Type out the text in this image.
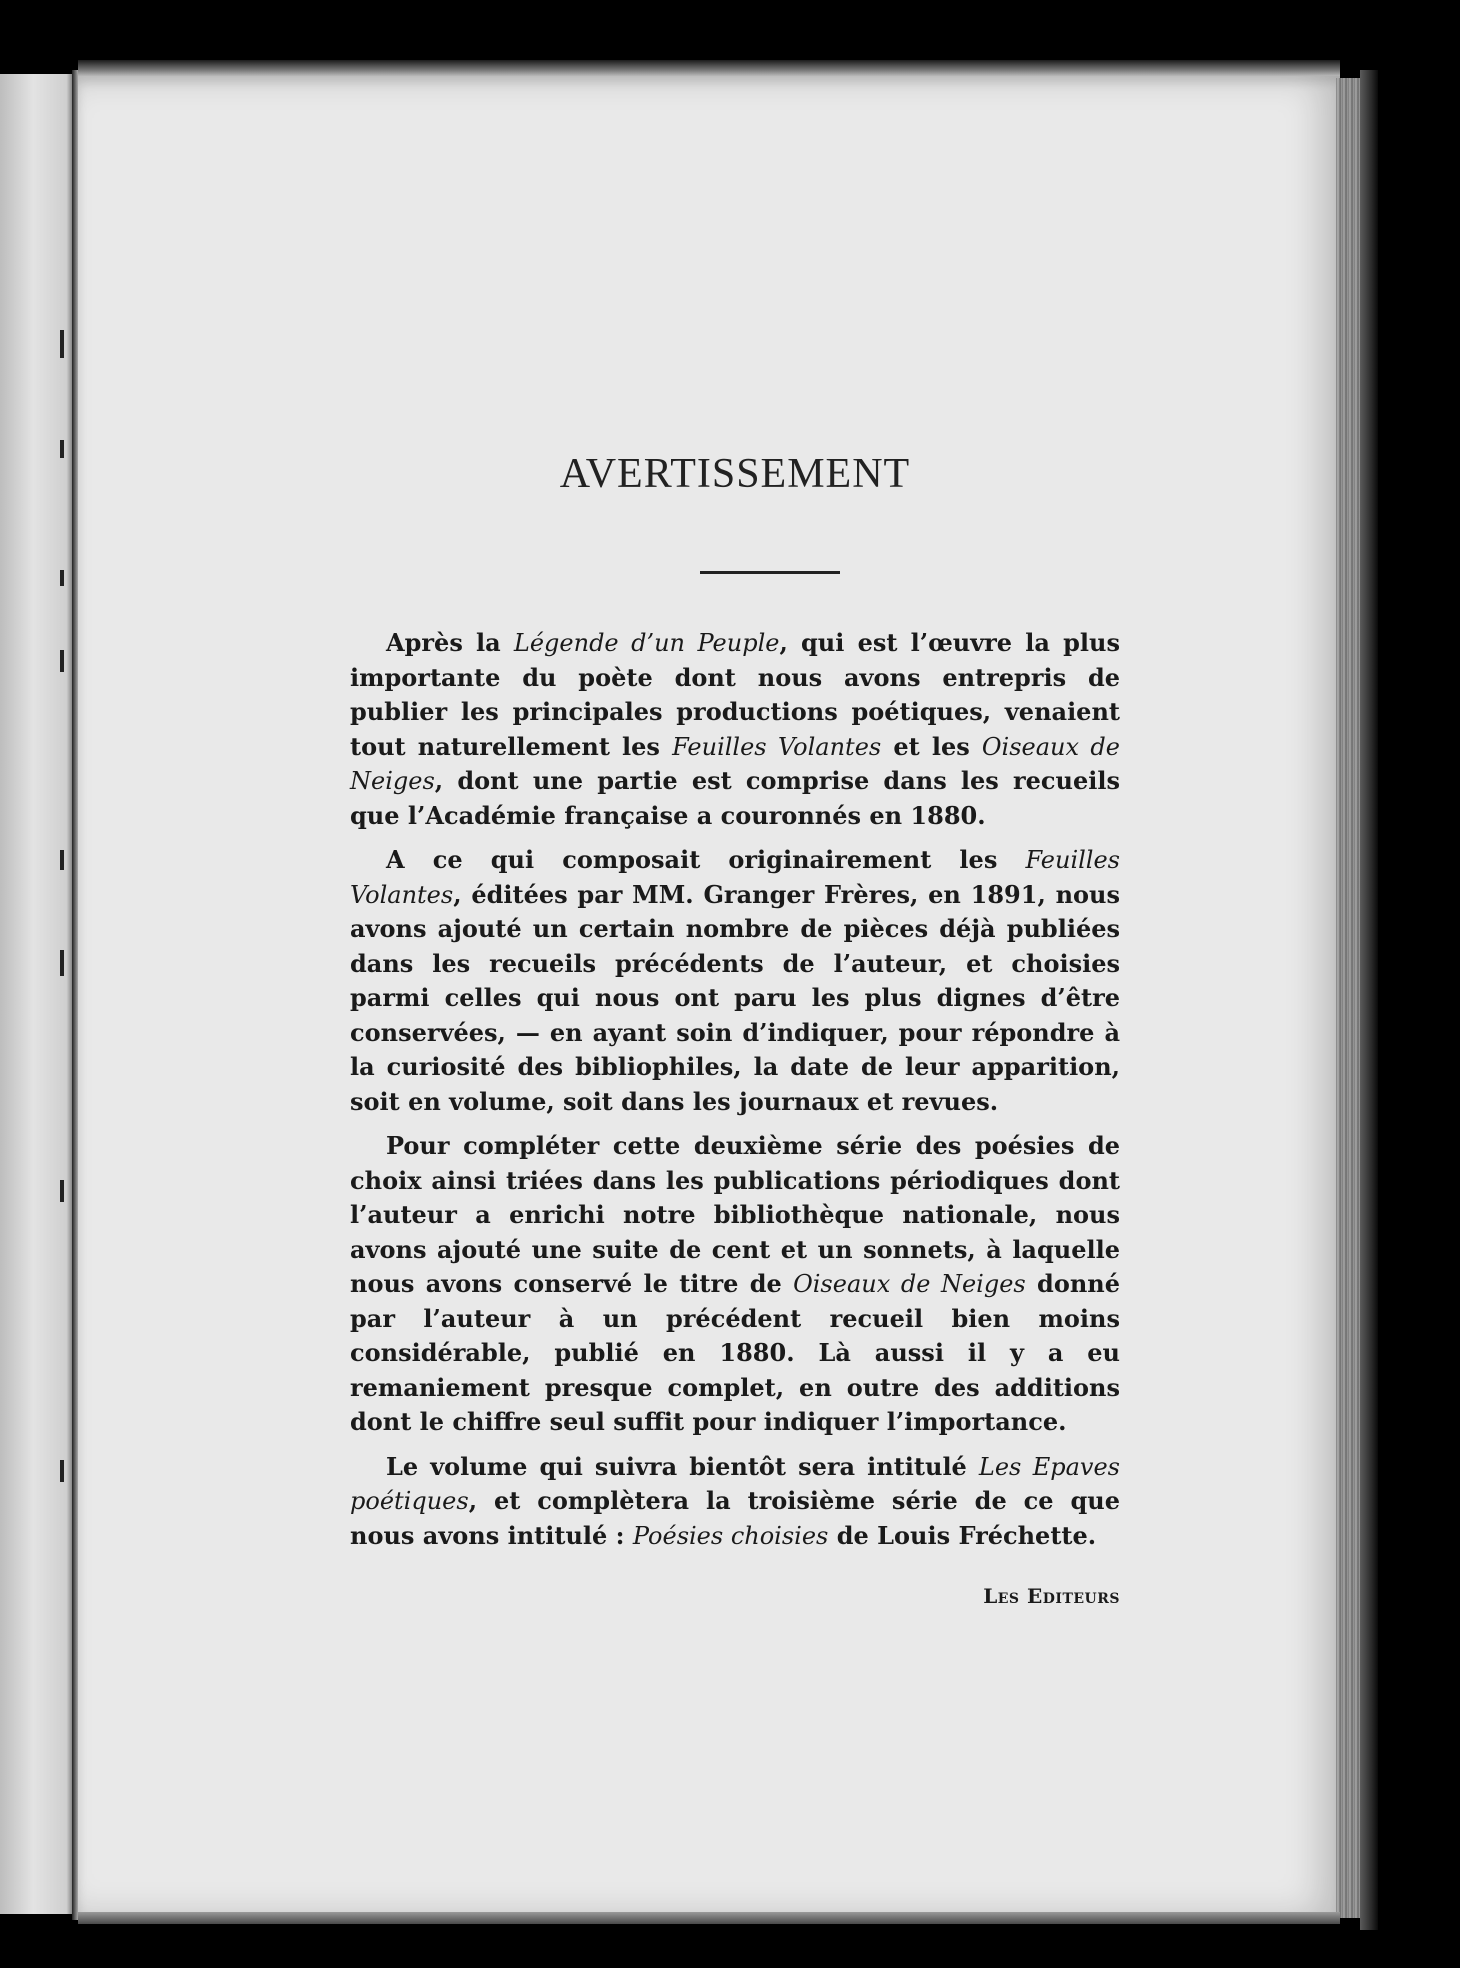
AVERTISSEMENT

Après la Légende d’un Peuple, qui est l’œuvre la plus importante du poète dont nous avons entrepris de publier les principales productions poétiques, venaient tout naturellement les Feuilles Volantes et les Oiseaux de Neiges, dont une partie est comprise dans les recueils que l’Académie française a couronnés en 1880.

A ce qui composait originairement les Feuilles Volantes, éditées par MM. Granger Frères, en 1891, nous avons ajouté un certain nombre de pièces déjà publiées dans les recueils précédents de l’auteur, et choisies parmi celles qui nous ont paru les plus dignes d’être conservées, — en ayant soin d’indiquer, pour répondre à la curiosité des bibliophiles, la date de leur apparition, soit en volume, soit dans les journaux et revues.

Pour compléter cette deuxième série des poésies de choix ainsi triées dans les publications périodiques dont l’auteur a enrichi notre bibliothèque nationale, nous avons ajouté une suite de cent et un sonnets, à laquelle nous avons conservé le titre de Oiseaux de Neiges donné par l’auteur à un précédent recueil bien moins considérable, publié en 1880. Là aussi il y a eu remaniement presque complet, en outre des additions dont le chiffre seul suffit pour indiquer l’importance.

Le volume qui suivra bientôt sera intitulé Les Epaves poétiques, et complètera la troisième série de ce que nous avons intitulé : Poésies choisies de Louis Fréchette.

Les Editeurs
